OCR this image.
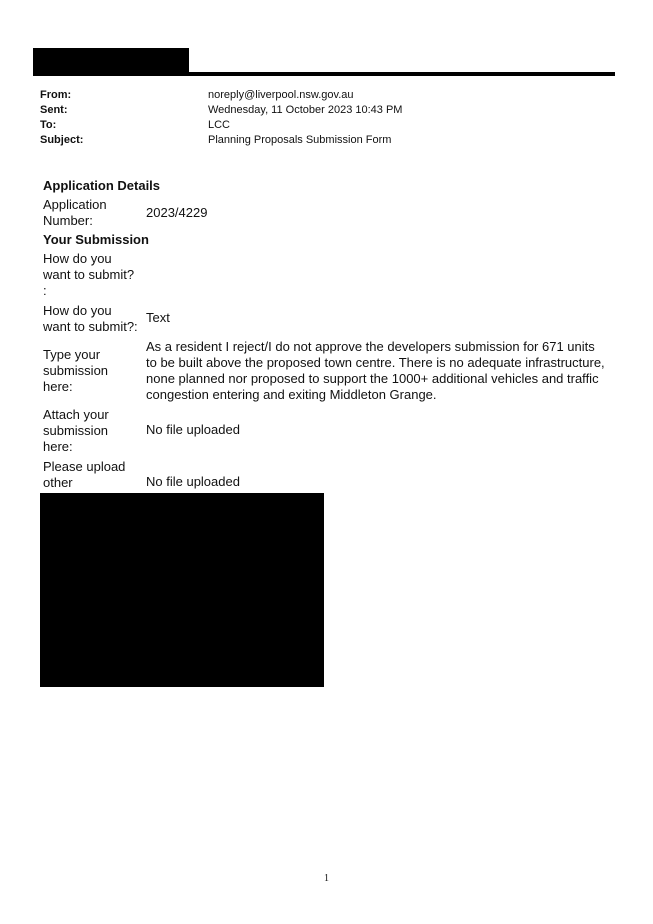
From:	noreply@liverpool.nsw.gov.au
Sent:	Wednesday, 11 October 2023 10:43 PM
To:	LCC
Subject:	Planning Proposals Submission Form
Application Details
Application Number:	2023/4229
Your Submission
How do you want to submit? :	
How do you want to submit?:	Text
Type your submission here:	As a resident I reject/I do not approve the developers submission for 671 units to be built above the proposed town centre. There is no adequate infrastructure, none planned nor proposed to support the 1000+ additional vehicles and traffic congestion entering and exiting Middleton Grange.
Attach your submission here:	No file uploaded
Please upload other	No file uploaded
1
